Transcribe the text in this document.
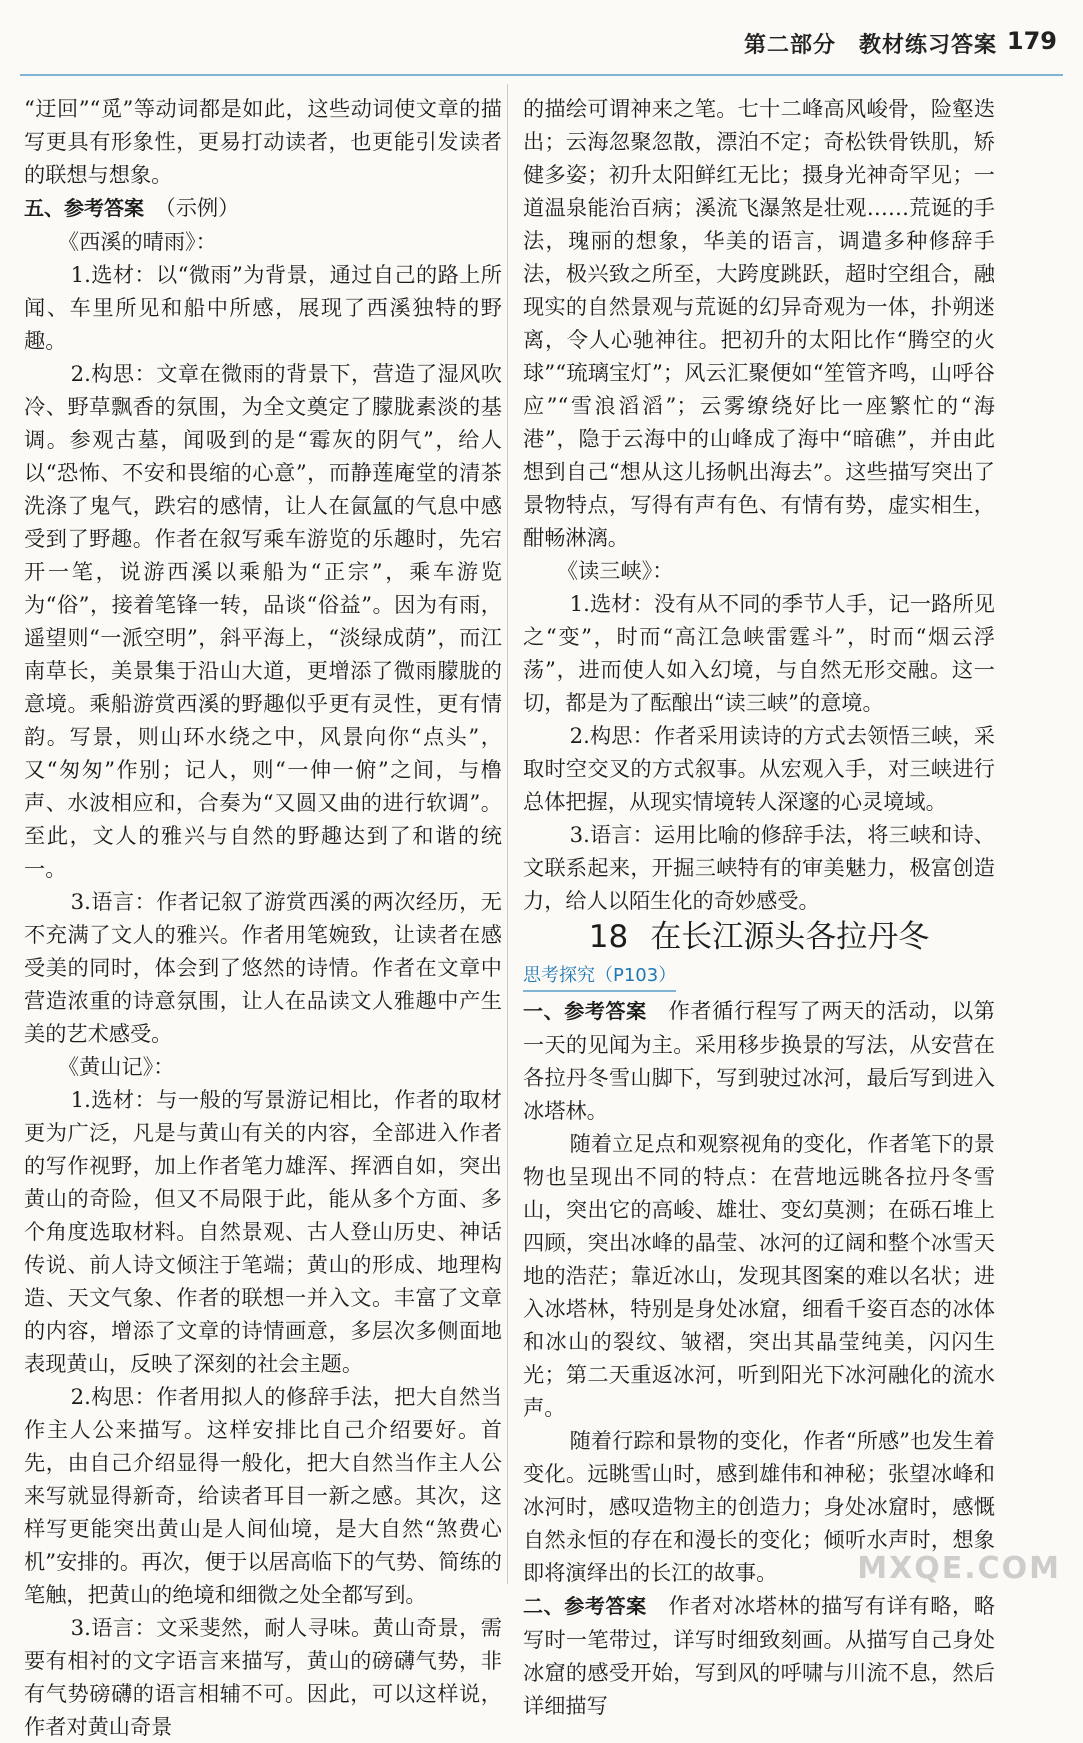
第二部分　教材练习答案 179

“迂回”“觅”等动词都是如此，这些动词使文章的描写更具有形象性，更易打动读者，也更能引发读者的联想与想象。

五、参考答案　 （示例）

《西溪的晴雨》：

1.选材：以“微雨”为背景，通过自己的路上所闻、车里所见和船中所感，展现了西溪独特的野趣。

2.构思：文章在微雨的背景下，营造了湿风吹冷、野草飘香的氛围，为全文奠定了朦胧素淡的基调。参观古墓，闻吸到的是“霉灰的阴气”，给人以“恐怖、不安和畏缩的心意”，而静莲庵堂的清茶洗涤了鬼气，跌宕的感情，让人在氤氲的气息中感受到了野趣。作者在叙写乘车游览的乐趣时，先宕开一笔，说游西溪以乘船为“正宗”，乘车游览为“俗”，接着笔锋一转，品谈“俗益”。因为有雨，遥望则“一派空明”，斜平海上，“淡绿成荫”，而江南草长，美景集于沿山大道，更增添了微雨朦胧的意境。乘船游赏西溪的野趣似乎更有灵性，更有情韵。写景，则山环水绕之中，风景向你“点头”，又“匆匆”作别；记人，则“一伸一俯”之间，与橹声、水波相应和，合奏为“又圆又曲的进行软调”。至此，文人的雅兴与自然的野趣达到了和谐的统一。

3.语言：作者记叙了游赏西溪的两次经历，无不充满了文人的雅兴。作者用笔婉致，让读者在感受美的同时，体会到了悠然的诗情。作者在文章中营造浓重的诗意氛围，让人在品读文人雅趣中产生美的艺术感受。

《黄山记》：

1.选材：与一般的写景游记相比，作者的取材更为广泛，凡是与黄山有关的内容，全部进入作者的写作视野，加上作者笔力雄浑、挥洒自如，突出黄山的奇险，但又不局限于此，能从多个方面、多个角度选取材料。自然景观、古人登山历史、神话传说、前人诗文倾注于笔端；黄山的形成、地理构造、天文气象、作者的联想一并入文。丰富了文章的内容，增添了文章的诗情画意，多层次多侧面地表现黄山，反映了深刻的社会主题。

2.构思：作者用拟人的修辞手法，把大自然当作主人公来描写。这样安排比自己介绍要好。首先，由自己介绍显得一般化，把大自然当作主人公来写就显得新奇，给读者耳目一新之感。其次，这样写更能突出黄山是人间仙境，是大自然“煞费心机”安排的。再次，便于以居高临下的气势、简练的笔触，把黄山的绝境和细微之处全都写到。

3.语言：文采斐然，耐人寻味。黄山奇景，需要有相衬的文字语言来描写，黄山的磅礴气势，非有气势磅礴的语言相辅不可。因此，可以这样说，作者对黄山奇景

的描绘可谓神来之笔。七十二峰高风峻骨，险壑迭出；云海忽聚忽散，漂泊不定；奇松铁骨铁肌，矫健多姿；初升太阳鲜红无比；摄身光神奇罕见；一道温泉能治百病；溪流飞瀑煞是壮观……荒诞的手法，瑰丽的想象，华美的语言，调遣多种修辞手法，极兴致之所至，大跨度跳跃，超时空组合，融现实的自然景观与荒诞的幻异奇观为一体，扑朔迷离，令人心驰神往。把初升的太阳比作“腾空的火球”“琉璃宝灯”；风云汇聚便如“笙管齐鸣，山呼谷应”“雪浪滔滔”；云雾缭绕好比一座繁忙的“海港”，隐于云海中的山峰成了海中“暗礁”，并由此想到自己“想从这儿扬帆出海去”。这些描写突出了景物特点，写得有声有色、有情有势，虚实相生，酣畅淋漓。

《读三峡》：

1.选材：没有从不同的季节人手，记一路所见之“变”，时而“高江急峡雷霆斗”，时而“烟云浮荡”，进而使人如入幻境，与自然无形交融。这一切，都是为了酝酿出“读三峡”的意境。

2.构思：作者采用读诗的方式去领悟三峡，采取时空交叉的方式叙事。从宏观入手，对三峡进行总体把握，从现实情境转人深邃的心灵境域。

3.语言：运用比喻的修辞手法，将三峡和诗、文联系起来，开掘三峡特有的审美魅力，极富创造力，给人以陌生化的奇妙感受。

18 在长江源头各拉丹冬

思考探究（P103）

一、参考答案　 作者循行程写了两天的活动，以第一天的见闻为主。采用移步换景的写法，从安营在各拉丹冬雪山脚下，写到驶过冰河，最后写到进入冰塔林。

随着立足点和观察视角的变化，作者笔下的景物也呈现出不同的特点：在营地远眺各拉丹冬雪山，突出它的高峻、雄壮、变幻莫测；在砾石堆上四顾，突出冰峰的晶莹、冰河的辽阔和整个冰雪天地的浩茫；靠近冰山，发现其图案的难以名状；进入冰塔林，特别是身处冰窟，细看千姿百态的冰体和冰山的裂纹、皱褶，突出其晶莹纯美，闪闪生光；第二天重返冰河，听到阳光下冰河融化的流水声。

随着行踪和景物的变化，作者“所感”也发生着变化。远眺雪山时，感到雄伟和神秘；张望冰峰和冰河时，感叹造物主的创造力；身处冰窟时，感慨自然永恒的存在和漫长的变化；倾听水声时，想象即将演绎出的长江的故事。

二、参考答案　 作者对冰塔林的描写有详有略，略写时一笔带过，详写时细致刻画。从描写自己身处冰窟的感受开始，写到风的呼啸与川流不息，然后详细描写

MXQE.COM
